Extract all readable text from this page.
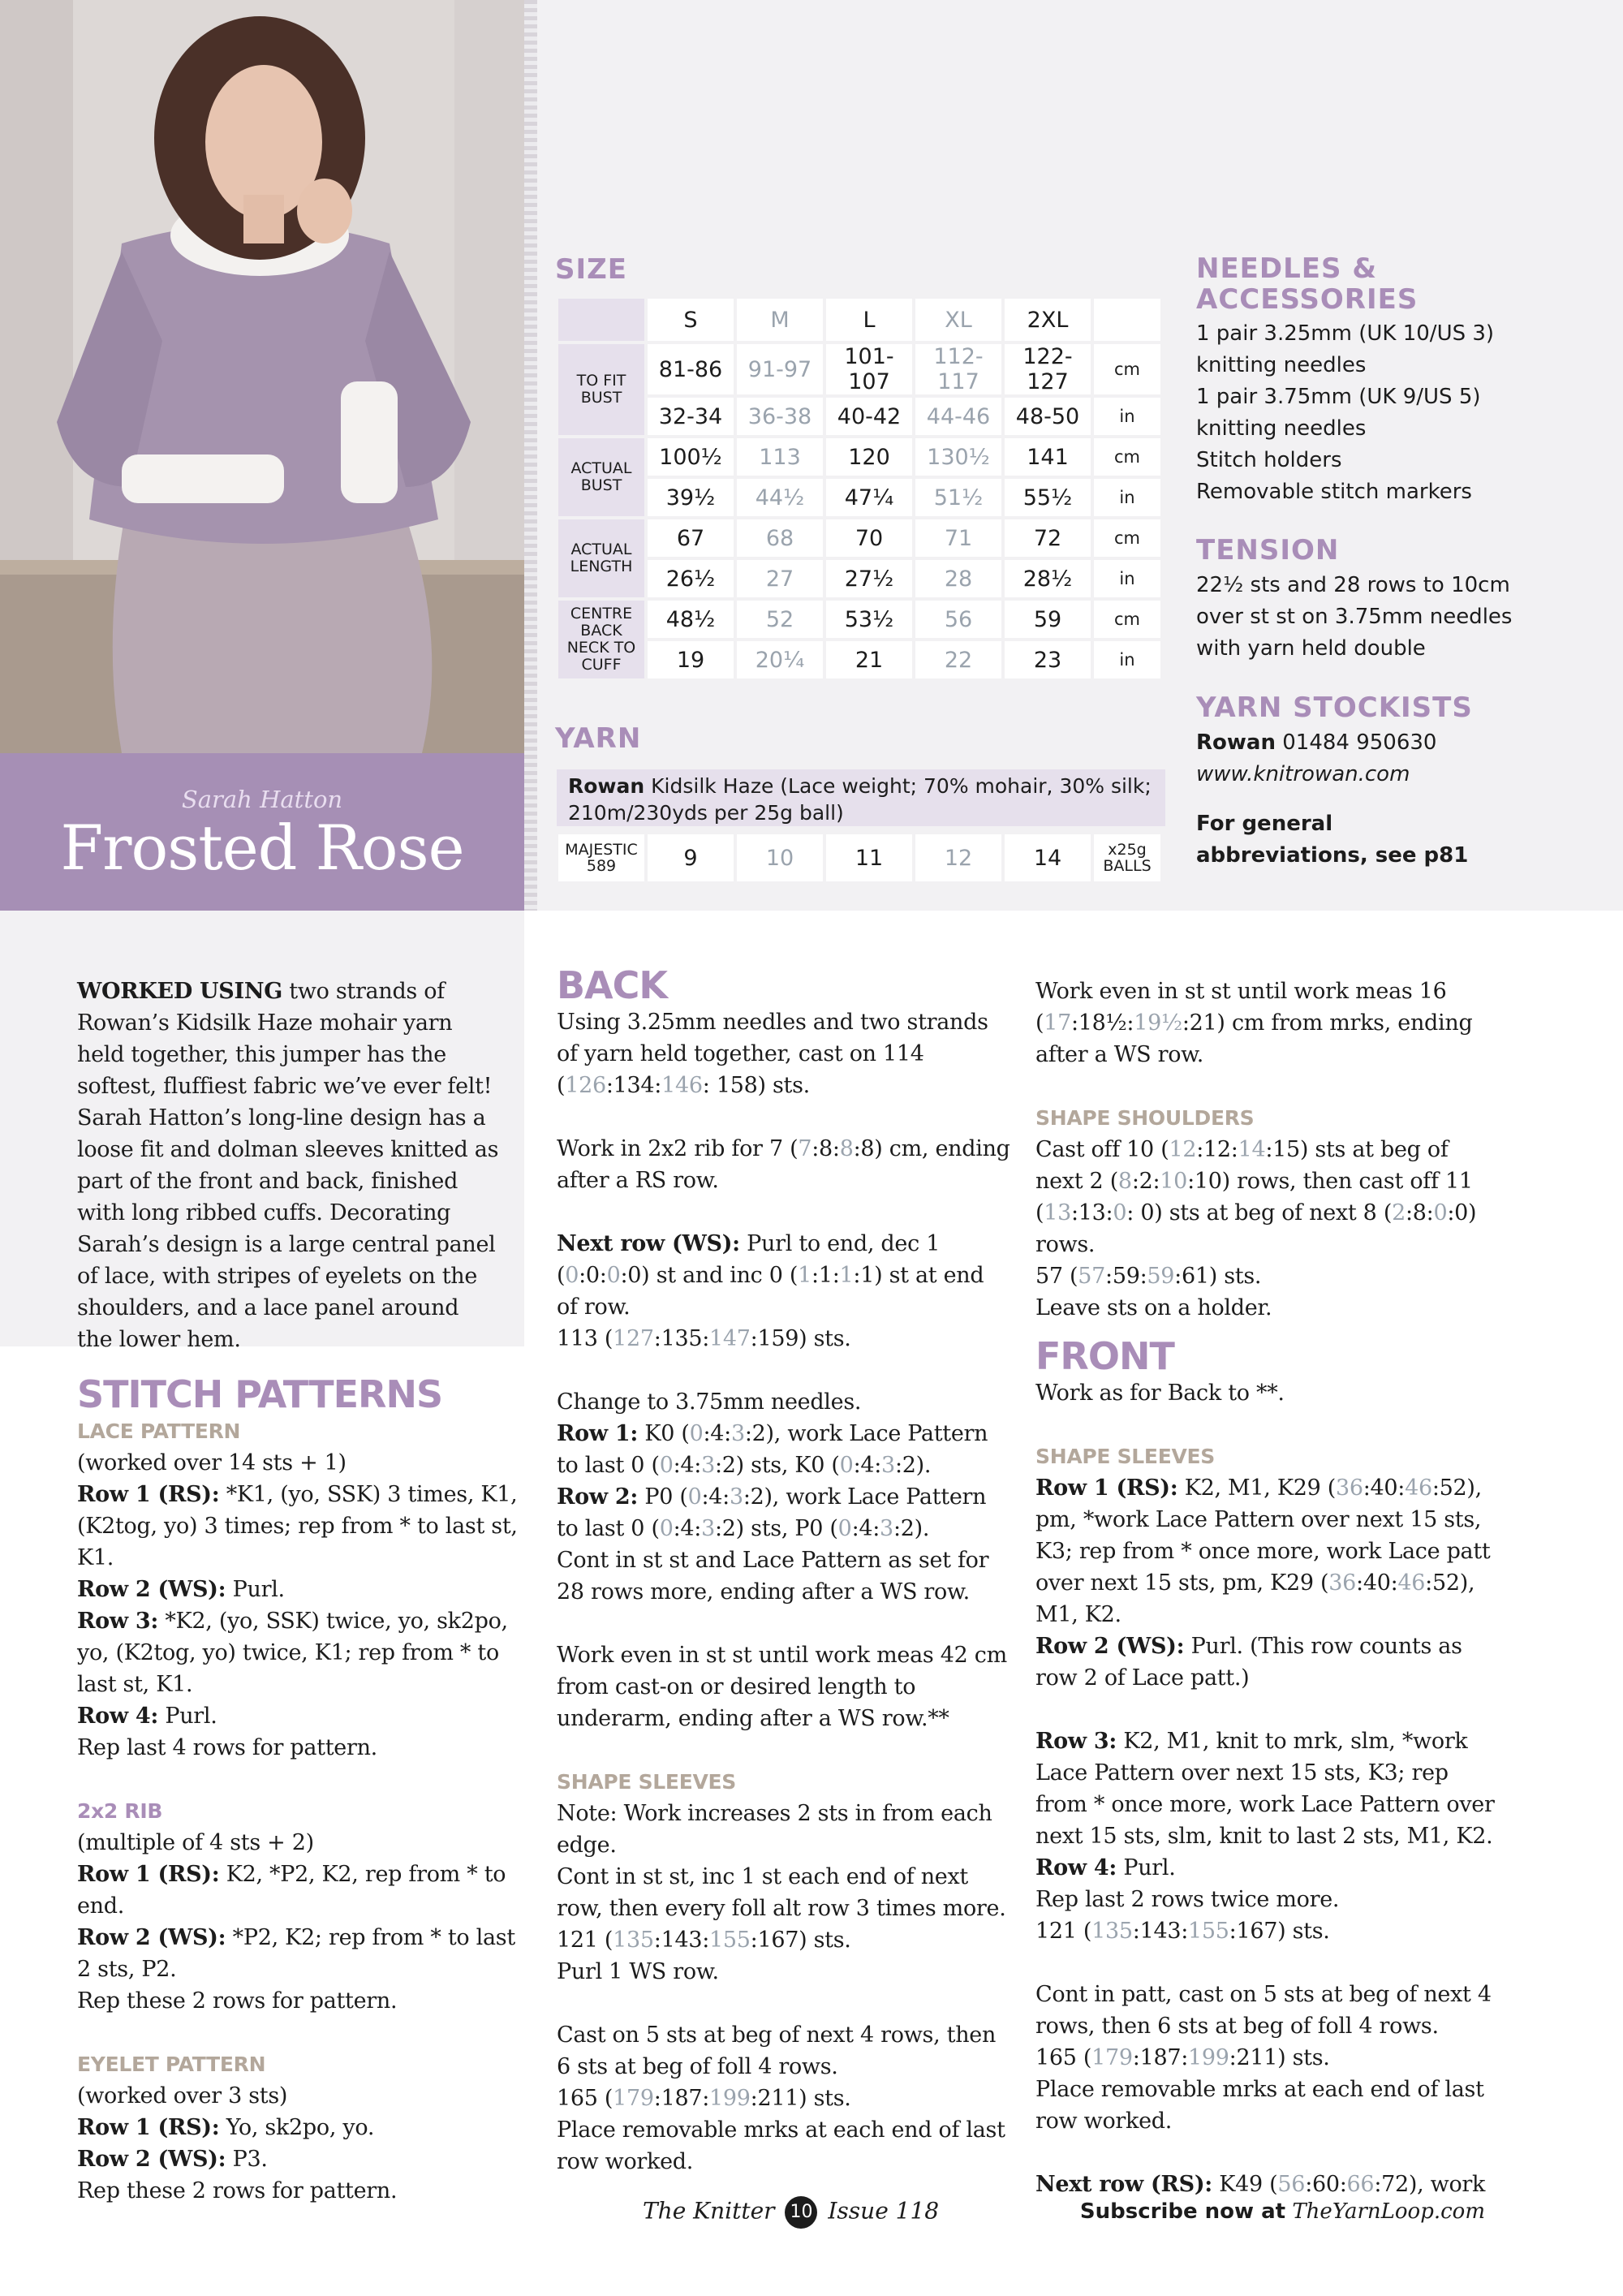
Sarah Hatton
Frosted Rose
SIZE
	S	M	L	XL	2XL	
TO FIT BUST	81-86	91-97	101-107	112-117	122-127	cm
	32-34	36-38	40-42	44-46	48-50	in
ACTUAL BUST	100½	113	120	130½	141	cm
	39½	44½	47¼	51½	55½	in
ACTUAL LENGTH	67	68	70	71	72	cm
	26½	27	27½	28	28½	in
CENTRE BACK NECK TO CUFF	48½	52	53½	56	59	cm
	19	20¼	21	22	23	in
YARN
Rowan Kidsilk Haze (Lace weight; 70% mohair, 30% silk; 210m/230yds per 25g ball)
MAJESTIC 589	9	10	11	12	14	x25g BALLS
NEEDLES & ACCESSORIES
1 pair 3.25mm (UK 10/US 3) knitting needles
1 pair 3.75mm (UK 9/US 5) knitting needles
Stitch holders
Removable stitch markers
TENSION
22½ sts and 28 rows to 10cm over st st on 3.75mm needles with yarn held double
YARN STOCKISTS
Rowan 01484 950630
www.knitrowan.com
For general abbreviations, see p81

WORKED USING two strands of Rowan’s Kidsilk Haze mohair yarn held together, this jumper has the softest, fluffiest fabric we’ve ever felt! Sarah Hatton’s long-line design has a loose fit and dolman sleeves knitted as part of the front and back, finished with long ribbed cuffs. Decorating Sarah’s design is a large central panel of lace, with stripes of eyelets on the shoulders, and a lace panel around the lower hem.

STITCH PATTERNS
LACE PATTERN

(worked over 14 sts + 1)

Row 1 (RS): *K1, (yo, SSK) 3 times, K1, (K2tog, yo) 3 times; rep from * to last st, K1.

Row 2 (WS): Purl.

Row 3: *K2, (yo, SSK) twice, yo, sk2po, yo, (K2tog, yo) twice, K1; rep from * to last st, K1.

Row 4: Purl.

Rep last 4 rows for pattern.

2x2 RIB

(multiple of 4 sts + 2)

Row 1 (RS): K2, *P2, K2, rep from * to end.

Row 2 (WS): *P2, K2; rep from * to last 2 sts, P2.

Rep these 2 rows for pattern.

EYELET PATTERN

(worked over 3 sts)

Row 1 (RS): Yo, sk2po, yo.

Row 2 (WS): P3.

Rep these 2 rows for pattern.

BACK

Using 3.25mm needles and two strands of yarn held together, cast on 114 (126:134:146: 158) sts.

Work in 2x2 rib for 7 (7:8:8:8) cm, ending after a RS row.

Next row (WS): Purl to end, dec 1 (0:0:0:0) st and inc 0 (1:1:1:1) st at end of row.

113 (127:135:147:159) sts.

Change to 3.75mm needles.

Row 1: K0 (0:4:3:2), work Lace Pattern to last 0 (0:4:3:2) sts, K0 (0:4:3:2).

Row 2: P0 (0:4:3:2), work Lace Pattern to last 0 (0:4:3:2) sts, P0 (0:4:3:2).

Cont in st st and Lace Pattern as set for 28 rows more, ending after a WS row.

Work even in st st until work meas 42 cm from cast-on or desired length to underarm, ending after a WS row.**

SHAPE SLEEVES

Note: Work increases 2 sts in from each edge.

Cont in st st, inc 1 st each end of next row, then every foll alt row 3 times more.

121 (135:143:155:167) sts.

Purl 1 WS row.

Cast on 5 sts at beg of next 4 rows, then 6 sts at beg of foll 4 rows.

165 (179:187:199:211) sts.

Place removable mrks at each end of last row worked.

Work even in st st until work meas 16 (17:18½:19½:21) cm from mrks, ending after a WS row.

SHAPE SHOULDERS

Cast off 10 (12:12:14:15) sts at beg of next 2 (8:2:10:10) rows, then cast off 11 (13:13:0: 0) sts at beg of next 8 (2:8:0:0) rows.

57 (57:59:59:61) sts.

Leave sts on a holder.

FRONT

Work as for Back to **.

SHAPE SLEEVES

Row 1 (RS): K2, M1, K29 (36:40:46:52), pm, *work Lace Pattern over next 15 sts, K3; rep from * once more, work Lace patt over next 15 sts, pm, K29 (36:40:46:52), M1, K2.

Row 2 (WS): Purl. (This row counts as row 2 of Lace patt.)

Row 3: K2, M1, knit to mrk, slm, *work Lace Pattern over next 15 sts, K3; rep from * once more, work Lace Pattern over next 15 sts, slm, knit to last 2 sts, M1, K2.

Row 4: Purl.

Rep last 2 rows twice more.

121 (135:143:155:167) sts.

Cont in patt, cast on 5 sts at beg of next 4 rows, then 6 sts at beg of foll 4 rows.

165 (179:187:199:211) sts.

Place removable mrks at each end of last row worked.

Next row (RS): K49 (56:60:66:72), work

The Knitter 10 Issue 118	Subscribe now at TheYarnLoop.com
